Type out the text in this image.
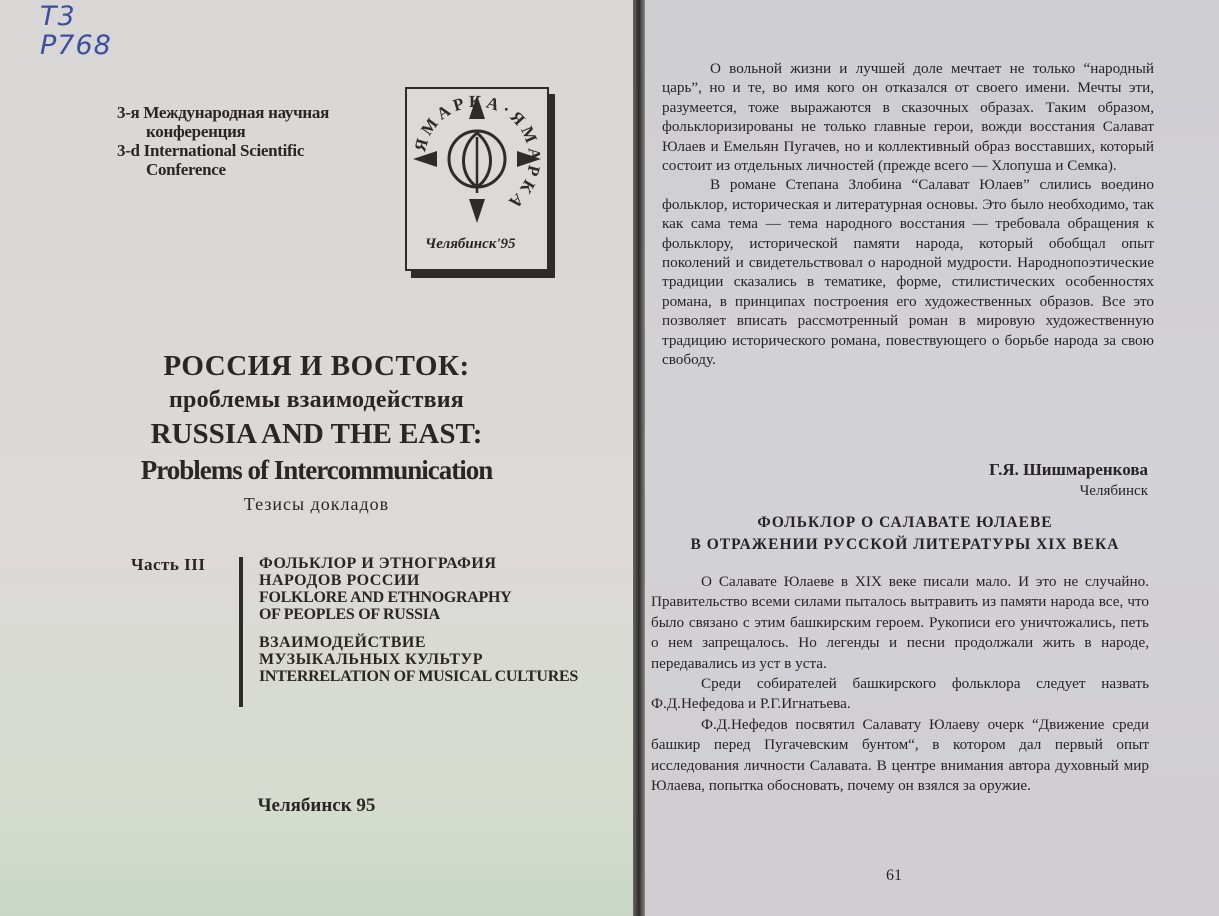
Т3
Р768
3-я Международная научная
конференция
3-d International Scientific
Conference
ЯМАРКА·ЯМАРКА
Челябинск'95
РОССИЯ И ВОСТОК:
проблемы взаимодействия
RUSSIA AND THE EAST:
Problems of Intercommunication
Тезисы докладов
Часть III	ФОЛЬКЛОР И ЭТНОГРАФИЯ
НАРОДОВ РОССИИ
FOLKLORE AND ETHNOGRAPHY
OF PEOPLES OF RUSSIA
ВЗАИМОДЕЙСТВИЕ
МУЗЫКАЛЬНЫХ КУЛЬТУР
INTERRELATION OF MUSICAL CULTURES
Челябинск 95

О вольной жизни и лучшей доле мечтает не только “народный царь”, но и те, во имя кого он отказался от своего имени. Мечты эти, разумеется, тоже выражаются в сказочных образах. Таким образом, фольклоризированы не только главные герои, вожди восстания Салават Юлаев и Емельян Пугачев, но и коллективный образ восставших, который состоит из отдельных личностей (прежде всего — Хлопуша и Семка).

В романе Степана Злобина “Салават Юлаев” слились воедино фольклор, историческая и литературная основы. Это было необходимо, так как сама тема — тема народного восстания — требовала обращения к фольклору, исторической памяти народа, который обобщал опыт поколений и свидетельствовал о народной мудрости. Народнопоэтические традиции сказались в тематике, форме, стилистических особенностях романа, в принципах построения его художественных образов. Все это позволяет вписать рассмотренный роман в мировую художественную традицию исторического романа, повествующего о борьбе народа за свою свободу.

Г.Я. Шишмаренкова
Челябинск
ФОЛЬКЛОР О САЛАВАТЕ ЮЛАЕВЕ
В ОТРАЖЕНИИ РУССКОЙ ЛИТЕРАТУРЫ XIX ВЕКА

О Салавате Юлаеве в XIX веке писали мало. И это не случайно. Правительство всеми силами пыталось вытравить из памяти народа все, что было связано с этим башкирским героем. Рукописи его уничтожались, петь о нем запрещалось. Но легенды и песни продолжали жить в народе, передавались из уст в уста.

Среди собирателей башкирского фольклора следует назвать Ф.Д.Нефедова и Р.Г.Игнатьева.

Ф.Д.Нефедов посвятил Салавату Юлаеву очерк “Движение среди башкир перед Пугачевским бунтом“, в котором дал первый опыт исследования личности Салавата. В центре внимания автора духовный мир Юлаева, попытка обосновать, почему он взялся за оружие.

61
